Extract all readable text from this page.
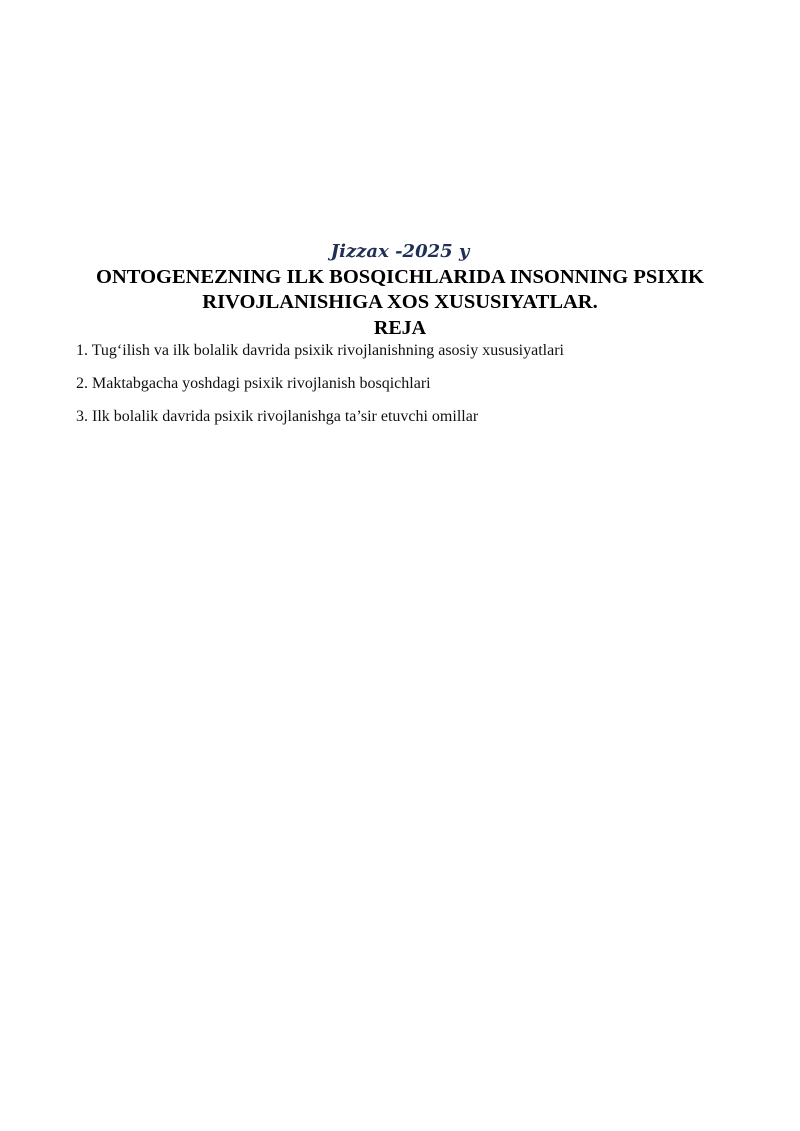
Jizzax -2025 y
ONTOGENEZNING ILK BOSQICHLARIDA INSONNING PSIXIK
RIVOJLANISHIGA XOS XUSUSIYATLAR.
REJA
1. Tug‘ilish va ilk bolalik davrida psixik rivojlanishning asosiy xususiyatlari
2. Maktabgacha yoshdagi psixik rivojlanish bosqichlari
3. Ilk bolalik davrida psixik rivojlanishga ta’sir etuvchi omillar
